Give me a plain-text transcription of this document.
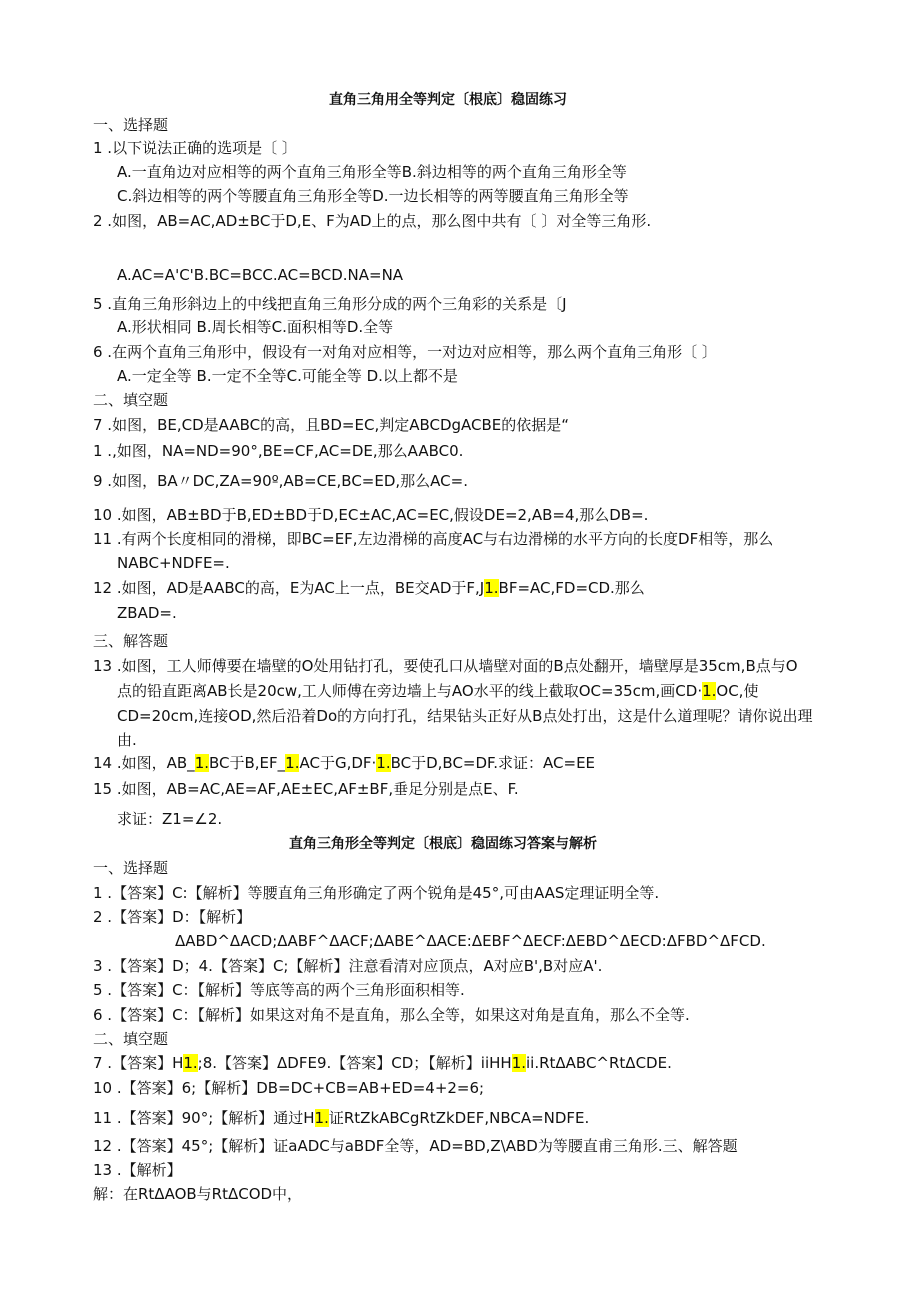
直角三角用全等判定〔根底〕稳固练习
一、选择题
1 .以下说法正确的选项是〔 〕
A.一直角边对应相等的两个直角三角形全等B.斜边相等的两个直角三角形全等
C.斜边相等的两个等腰直角三角形全等D.一边长相等的两等腰直角三角形全等
2 .如图，AB=AC,AD±BC于D,E、F为AD上的点，那么图中共有〔 〕对全等三角形.
A.AC=A'C'B.BC=BCC.AC=BCD.NA=NA
5 .直角三角形斜边上的中线把直角三角形分成的两个三角彩的关系是〔J
A.形状相同 B.周长相等C.面积相等D.全等
6 .在两个直角三角形中，假设有一对角对应相等，一对边对应相等，那么两个直角三角形〔 〕
A.一定全等 B.一定不全等C.可能全等 D.以上都不是
二、填空题
7 .如图，BE,CD是AABC的高，且BD=EC,判定ABCDgACBE的依据是“
1 .,如图，NA=ND=90°,BE=CF,AC=DE,那么AABC0.
9 .如图，BA〃DC,ZA=90º,AB=CE,BC=ED,那么AC=.
10 .如图，AB±BD于B,ED±BD于D,EC±AC,AC=EC,假设DE=2,AB=4,那么DB=.
11 .有两个长度相同的滑梯，即BC=EF,左边滑梯的高度AC与右边滑梯的水平方向的长度DF相等，那么
NABC+NDFE=.
12 .如图，AD是AABC的高，E为AC上一点，BE交AD于F,J1.BF=AC,FD=CD.那么
ZBAD=.
三、解答题
13 .如图，工人师傅要在墙壁的O处用钻打孔，要使孔口从墙壁对面的B点处翻开，墙壁厚是35cm,B点与O
点的铅直距离AB长是20cw,工人师傅在旁边墙上与AO水平的线上截取OC=35cm,画CD·1.OC,使
CD=20cm,连接OD,然后沿着Do的方向打孔，结果钻头正好从B点处打出，这是什么道理呢？请你说出理
由.
14 .如图，AB_1.BC于B,EF_1.AC于G,DF·1.BC于D,BC=DF.求证：AC=EE
15 .如图，AB=AC,AE=AF,AE±EC,AF±BF,垂足分别是点E、F.
求证：Z1=∠2.
直角三角形全等判定〔根底〕稳固练习答案与解析
一、选择题
1 .【答案】C:【解析】等腰直角三角形确定了两个锐角是45°,可由AAS定理证明全等.
2 .【答案】D：【解析】
ΔABD^ΔACD;ΔABF^ΔACF;ΔABE^ΔACE:ΔEBF^ΔECF:ΔEBD^ΔECD:ΔFBD^ΔFCD.
3 .【答案】D；4.【答案】C;【解析】注意看清对应顶点，A对应B',B对应A'.
5 .【答案】C：【解析】等底等高的两个三角形面积相等.
6 .【答案】C：【解析】如果这对角不是直角，那么全等，如果这对角是直角，那么不全等.
二、填空题
7 .【答案】H1.;8.【答案】ΔDFE9.【答案】CD；【解析】iiHH1.ii.RtΔABC^RtΔCDE.
10 .【答案】6;【解析】DB=DC+CB=AB+ED=4+2=6;
11 .【答案】90°;【解析】通过H1.证RtZkABCgRtZkDEF,NBCA=NDFE.
12 .【答案】45°;【解析】证aADC与aBDF全等，AD=BD,Z\ABD为等腰直甫三角形.三、解答题
13 .【解析】
解：在RtΔAOB与RtΔCOD中，
